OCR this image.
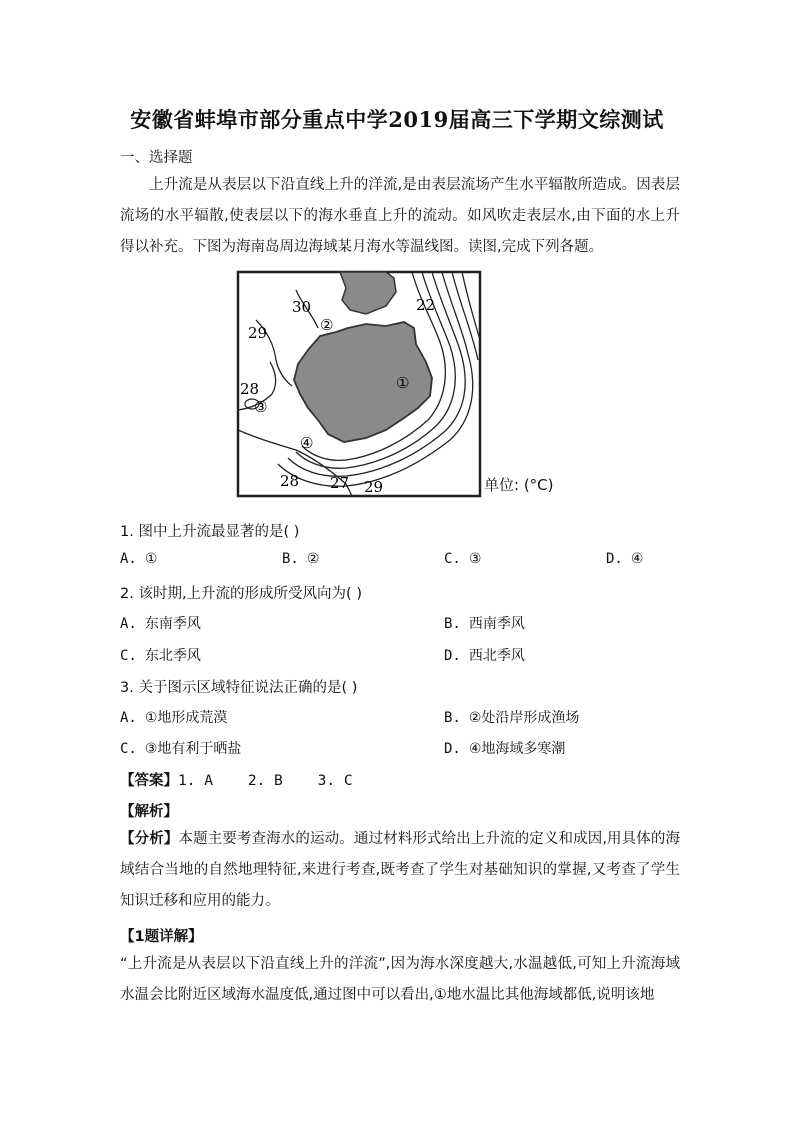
安徽省蚌埠市部分重点中学2019届高三下学期文综测试
一、选择题
上升流是从表层以下沿直线上升的洋流,是由表层流场产生水平辐散所造成。因表层流场的水平辐散,使表层以下的海水垂直上升的流动。如风吹走表层水,由下面的水上升得以补充。下图为海南岛周边海域某月海水等温线图。读图,完成下列各题。
30
29
28
22
28 27 29
①
②
③
④
单位: (°C)
1. 图中上升流最显著的是( )
A. ①	B. ②	C. ③	D. ④
2. 该时期,上升流的形成所受风向为( )
A. 东南季风	B. 西南季风
C. 东北季风	D. 西北季风
3. 关于图示区域特征说法正确的是( )
A. ①地形成荒漠	B. ②处沿岸形成渔场
C. ③地有利于晒盐	D. ④地海域多寒潮
【答案】1. A    2. B    3. C
【解析】
【分析】本题主要考查海水的运动。通过材料形式给出上升流的定义和成因,用具体的海域结合当地的自然地理特征,来进行考查,既考查了学生对基础知识的掌握,又考查了学生知识迁移和应用的能力。
【1题详解】
“上升流是从表层以下沿直线上升的洋流”,因为海水深度越大,水温越低,可知上升流海域水温会比附近区域海水温度低,通过图中可以看出,①地水温比其他海域都低,说明该地
